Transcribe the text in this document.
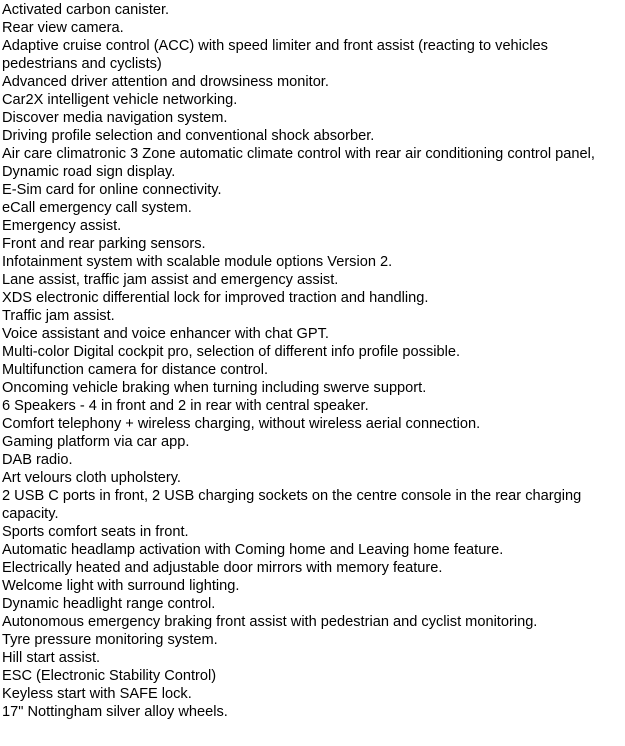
Activated carbon canister.
Rear view camera.
Adaptive cruise control (ACC) with speed limiter and front assist (reacting to vehicles pedestrians and cyclists)
Advanced driver attention and drowsiness monitor.
Car2X intelligent vehicle networking.
Discover media navigation system.
Driving profile selection and conventional shock absorber.
Air care climatronic 3 Zone automatic climate control with rear air conditioning control panel,
Dynamic road sign display.
E-Sim card for online connectivity.
eCall emergency call system.
Emergency assist.
Front and rear parking sensors.
Infotainment system with scalable module options Version 2.
Lane assist, traffic jam assist and emergency assist.
XDS electronic differential lock for improved traction and handling.
Traffic jam assist.
Voice assistant and voice enhancer with chat GPT.
Multi-color Digital cockpit pro, selection of different info profile possible.
Multifunction camera for distance control.
Oncoming vehicle braking when turning including swerve support.
6 Speakers - 4 in front and 2 in rear with central speaker.
Comfort telephony + wireless charging, without wireless aerial connection.
Gaming platform via car app.
DAB radio.
Art velours cloth upholstery.
2 USB C ports in front, 2 USB charging sockets on the centre console in the rear charging capacity.
Sports comfort seats in front.
Automatic headlamp activation with Coming home and Leaving home feature.
Electrically heated and adjustable door mirrors with memory feature.
Welcome light with surround lighting.
Dynamic headlight range control.
Autonomous emergency braking front assist with pedestrian and cyclist monitoring.
Tyre pressure monitoring system.
Hill start assist.
ESC (Electronic Stability Control)
Keyless start with SAFE lock.
17" Nottingham silver alloy wheels.
